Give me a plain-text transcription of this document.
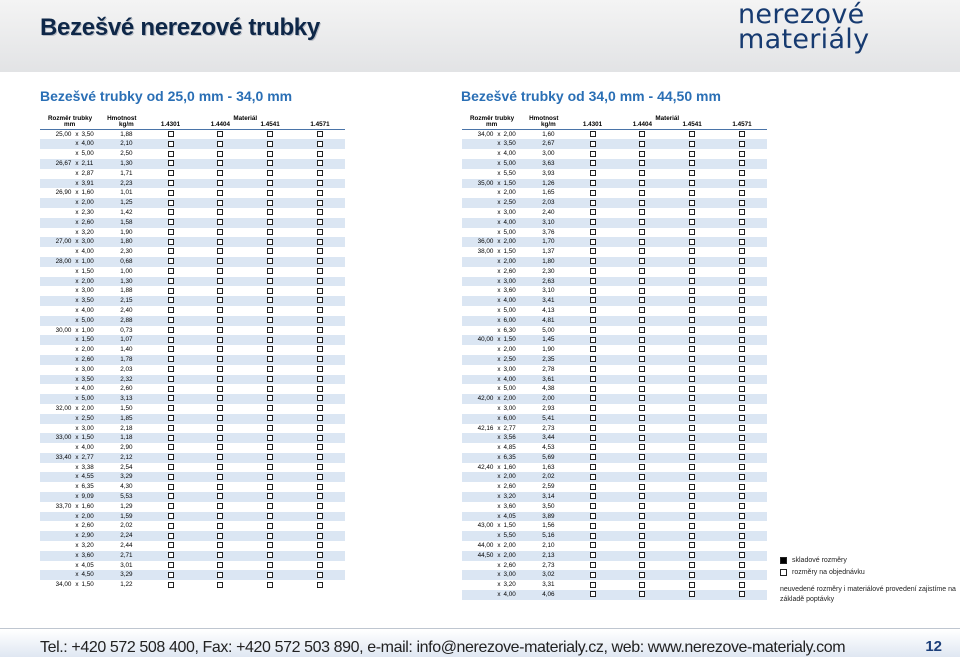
Bezešvé nerezové trubky	nerezové
materiály
Bezešvé trubky od 25,0 mm - 34,0 mm	Bezešvé trubky od 34,0 mm - 44,50 mm
Rozměr trubky		Hmotnost	Materiál			
mm		kg/m	1.4301	1.4404	1.4541	1.4571
25,00	x 3,50	1,88				
	x 4,00	2,10				
	x 5,00	2,50				
26,67	x 2,11	1,30				
	x 2,87	1,71				
	x 3,91	2,23				
26,90	x 1,60	1,01				
	x 2,00	1,25				
	x 2,30	1,42				
	x 2,60	1,58				
	x 3,20	1,90				
27,00	x 3,00	1,80				
	x 4,00	2,30				
28,00	x 1,00	0,68				
	x 1,50	1,00				
	x 2,00	1,30				
	x 3,00	1,88				
	x 3,50	2,15				
	x 4,00	2,40				
	x 5,00	2,88				
30,00	x 1,00	0,73				
	x 1,50	1,07				
	x 2,00	1,40				
	x 2,60	1,78				
	x 3,00	2,03				
	x 3,50	2,32				
	x 4,00	2,60				
	x 5,00	3,13				
32,00	x 2,00	1,50				
	x 2,50	1,85				
	x 3,00	2,18				
33,00	x 1,50	1,18				
	x 4,00	2,90				
33,40	x 2,77	2,12				
	x 3,38	2,54				
	x 4,55	3,29				
	x 6,35	4,30				
	x 9,09	5,53				
33,70	x 1,60	1,29				
	x 2,00	1,59				
	x 2,60	2,02				
	x 2,90	2,24				
	x 3,20	2,44				
	x 3,60	2,71				
	x 4,05	3,01				
	x 4,50	3,29				
34,00	x 1,50	1,22				
Rozměr trubky		Hmotnost	Materiál			
mm		kg/m	1.4301	1.4404	1.4541	1.4571
34,00	x 2,00	1,60				
	x 3,50	2,67				
	x 4,00	3,00				
	x 5,00	3,63				
	x 5,50	3,93				
35,00	x 1,50	1,26				
	x 2,00	1,65				
	x 2,50	2,03				
	x 3,00	2,40				
	x 4,00	3,10				
	x 5,00	3,76				
36,00	x 2,00	1,70				
38,00	x 1,50	1,37				
	x 2,00	1,80				
	x 2,60	2,30				
	x 3,00	2,63				
	x 3,60	3,10				
	x 4,00	3,41				
	x 5,00	4,13				
	x 6,00	4,81				
	x 6,30	5,00				
40,00	x 1,50	1,45				
	x 2,00	1,90				
	x 2,50	2,35				
	x 3,00	2,78				
	x 4,00	3,61				
	x 5,00	4,38				
42,00	x 2,00	2,00				
	x 3,00	2,93				
	x 6,00	5,41				
42,16	x 2,77	2,73				
	x 3,56	3,44				
	x 4,85	4,53				
	x 6,35	5,69				
42,40	x 1,60	1,63				
	x 2,00	2,02				
	x 2,60	2,59				
	x 3,20	3,14				
	x 3,60	3,50				
	x 4,05	3,89				
43,00	x 1,50	1,56				
	x 5,50	5,16				
44,00	x 2,00	2,10				
44,50	x 2,00	2,13				
	x 2,60	2,73				
	x 3,00	3,02				
	x 3,20	3,31				
	x 4,00	4,06				
skladové rozměry
rozměry na objednávku
neuvedené rozměry i materiálové provedení zajistíme na základě poptávky
Tel.: +420 572 508 400, Fax: +420 572 503 890, e-mail: info@nerezove-materialy.cz, web: www.nerezove-materialy.com	12
